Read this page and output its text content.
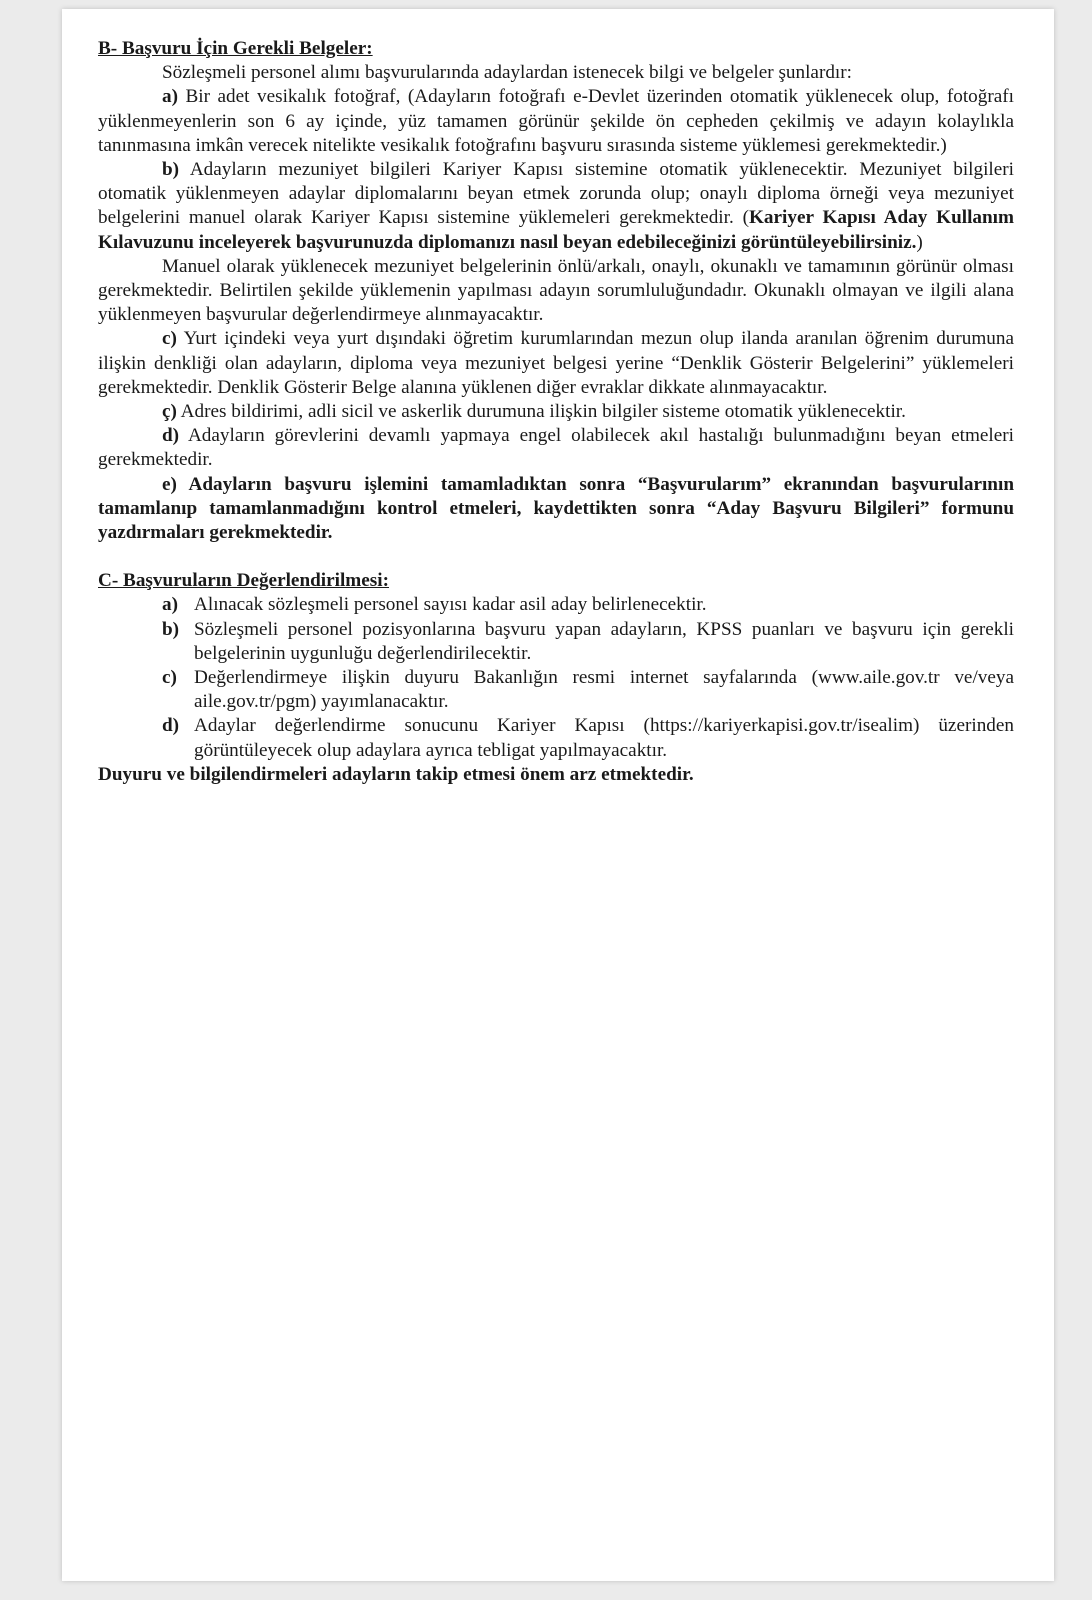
B- Başvuru İçin Gerekli Belgeler:

Sözleşmeli personel alımı başvurularında adaylardan istenecek bilgi ve belgeler şunlardır:

a) Bir adet vesikalık fotoğraf, (Adayların fotoğrafı e-Devlet üzerinden otomatik yüklenecek olup, fotoğrafı yüklenmeyenlerin son 6 ay içinde, yüz tamamen görünür şekilde ön cepheden çekilmiş ve adayın kolaylıkla tanınmasına imkân verecek nitelikte vesikalık fotoğrafını başvuru sırasında sisteme yüklemesi gerekmektedir.)

b) Adayların mezuniyet bilgileri Kariyer Kapısı sistemine otomatik yüklenecektir. Mezuniyet bilgileri otomatik yüklenmeyen adaylar diplomalarını beyan etmek zorunda olup; onaylı diploma örneği veya mezuniyet belgelerini manuel olarak Kariyer Kapısı sistemine yüklemeleri gerekmektedir. (Kariyer Kapısı Aday Kullanım Kılavuzunu inceleyerek başvurunuzda diplomanızı nasıl beyan edebileceğinizi görüntüleyebilirsiniz.)

Manuel olarak yüklenecek mezuniyet belgelerinin önlü/arkalı, onaylı, okunaklı ve tamamının görünür olması gerekmektedir. Belirtilen şekilde yüklemenin yapılması adayın sorumluluğundadır. Okunaklı olmayan ve ilgili alana yüklenmeyen başvurular değerlendirmeye alınmayacaktır.

c) Yurt içindeki veya yurt dışındaki öğretim kurumlarından mezun olup ilanda aranılan öğrenim durumuna ilişkin denkliği olan adayların, diploma veya mezuniyet belgesi yerine “Denklik Gösterir Belgelerini” yüklemeleri gerekmektedir. Denklik Gösterir Belge alanına yüklenen diğer evraklar dikkate alınmayacaktır.

ç) Adres bildirimi, adli sicil ve askerlik durumuna ilişkin bilgiler sisteme otomatik yüklenecektir.

d) Adayların görevlerini devamlı yapmaya engel olabilecek akıl hastalığı bulunmadığını beyan etmeleri gerekmektedir.

e) Adayların başvuru işlemini tamamladıktan sonra “Başvurularım” ekranından başvurularının tamamlanıp tamamlanmadığını kontrol etmeleri, kaydettikten sonra “Aday Başvuru Bilgileri” formunu yazdırmaları gerekmektedir.

C- Başvuruların Değerlendirilmesi:

a) Alınacak sözleşmeli personel sayısı kadar asil aday belirlenecektir.
b) Sözleşmeli personel pozisyonlarına başvuru yapan adayların, KPSS puanları ve başvuru için gerekli belgelerinin uygunluğu değerlendirilecektir.
c) Değerlendirmeye ilişkin duyuru Bakanlığın resmi internet sayfalarında (www.aile.gov.tr ve/veya aile.gov.tr/pgm) yayımlanacaktır.
d) Adaylar değerlendirme sonucunu Kariyer Kapısı (https://kariyerkapisi.gov.tr/isealim) üzerinden görüntüleyecek olup adaylara ayrıca tebligat yapılmayacaktır.

Duyuru ve bilgilendirmeleri adayların takip etmesi önem arz etmektedir.
